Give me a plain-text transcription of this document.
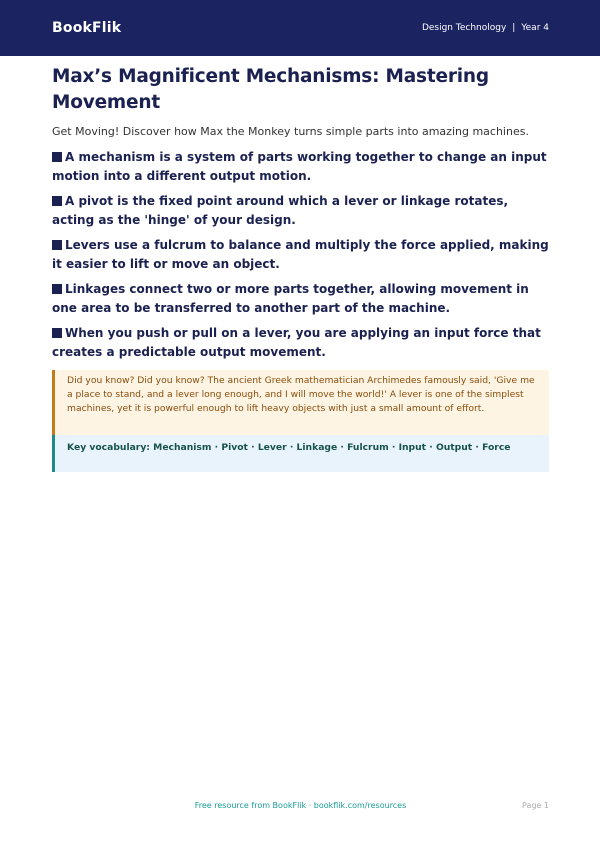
BookFlik	Design Technology | Year 4
Max’s Magnificent Mechanisms: Mastering Movement

Get Moving! Discover how Max the Monkey turns simple parts into amazing machines.

A mechanism is a system of parts working together to change an input motion into a different output motion.
A pivot is the fixed point around which a lever or linkage rotates, acting as the 'hinge' of your design.
Levers use a fulcrum to balance and multiply the force applied, making it easier to lift or move an object.
Linkages connect two or more parts together, allowing movement in one area to be transferred to another part of the machine.
When you push or pull on a lever, you are applying an input force that creates a predictable output movement.
Did you know? Did you know? The ancient Greek mathematician Archimedes famously said, 'Give me a place to stand, and a lever long enough, and I will move the world!' A lever is one of the simplest machines, yet it is powerful enough to lift heavy objects with just a small amount of effort.
Key vocabulary: Mechanism · Pivot · Lever · Linkage · Fulcrum · Input · Output · Force
Free resource from BookFlik · bookflik.com/resources	Page 1
